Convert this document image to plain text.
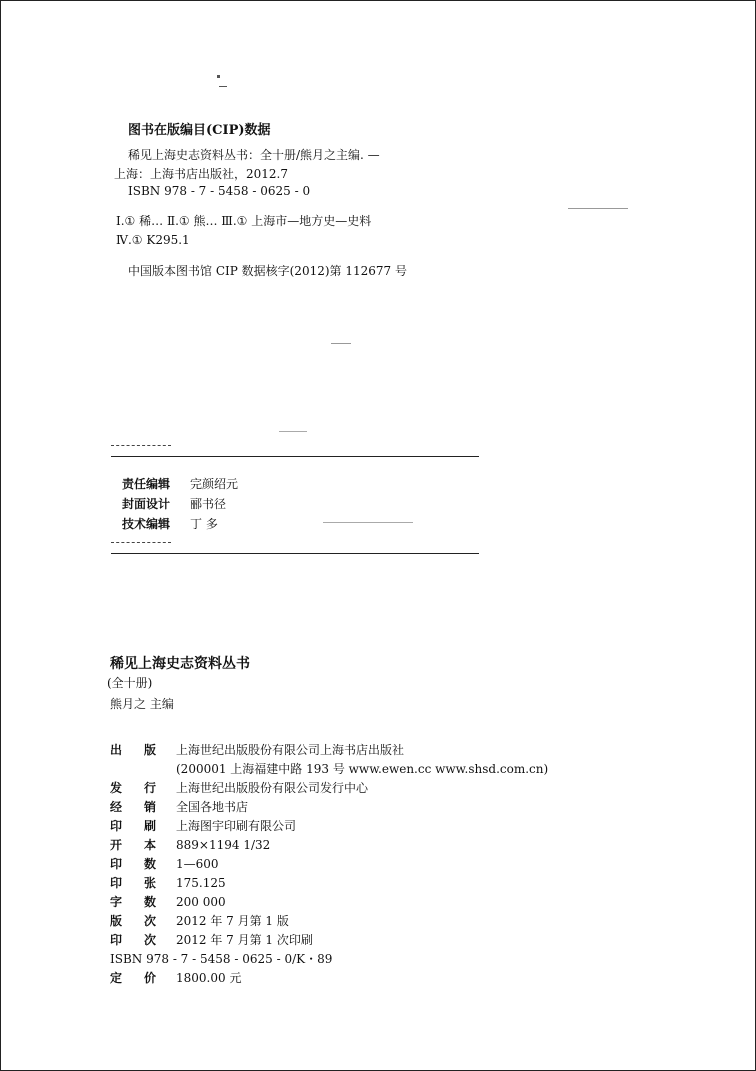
图书在版编目(CIP)数据
稀见上海史志资料丛书：全十册/熊月之主编. —
上海：上海书店出版社，2012.7
ISBN 978 - 7 - 5458 - 0625 - 0
Ⅰ.① 稀… Ⅱ.① 熊… Ⅲ.① 上海市—地方史—史料
Ⅳ.① K295.1
中国版本图书馆 CIP 数据核字(2012)第 112677 号
责任编辑 完颜绍元
封面设计 郦书径
技术编辑 丁 多
稀见上海史志资料丛书
(全十册)
熊月之 主编
出版上海世纪出版股份有限公司上海书店出版社
(200001 上海福建中路 193 号 www.ewen.cc www.shsd.com.cn)
发行上海世纪出版股份有限公司发行中心
经销全国各地书店
印刷上海图宇印刷有限公司
开本889×1194 1/32
印数1—600
印张175.125
字数200 000
版次2012 年 7 月第 1 版
印次2012 年 7 月第 1 次印刷
ISBN 978 - 7 - 5458 - 0625 - 0/K・89
定价1800.00 元
